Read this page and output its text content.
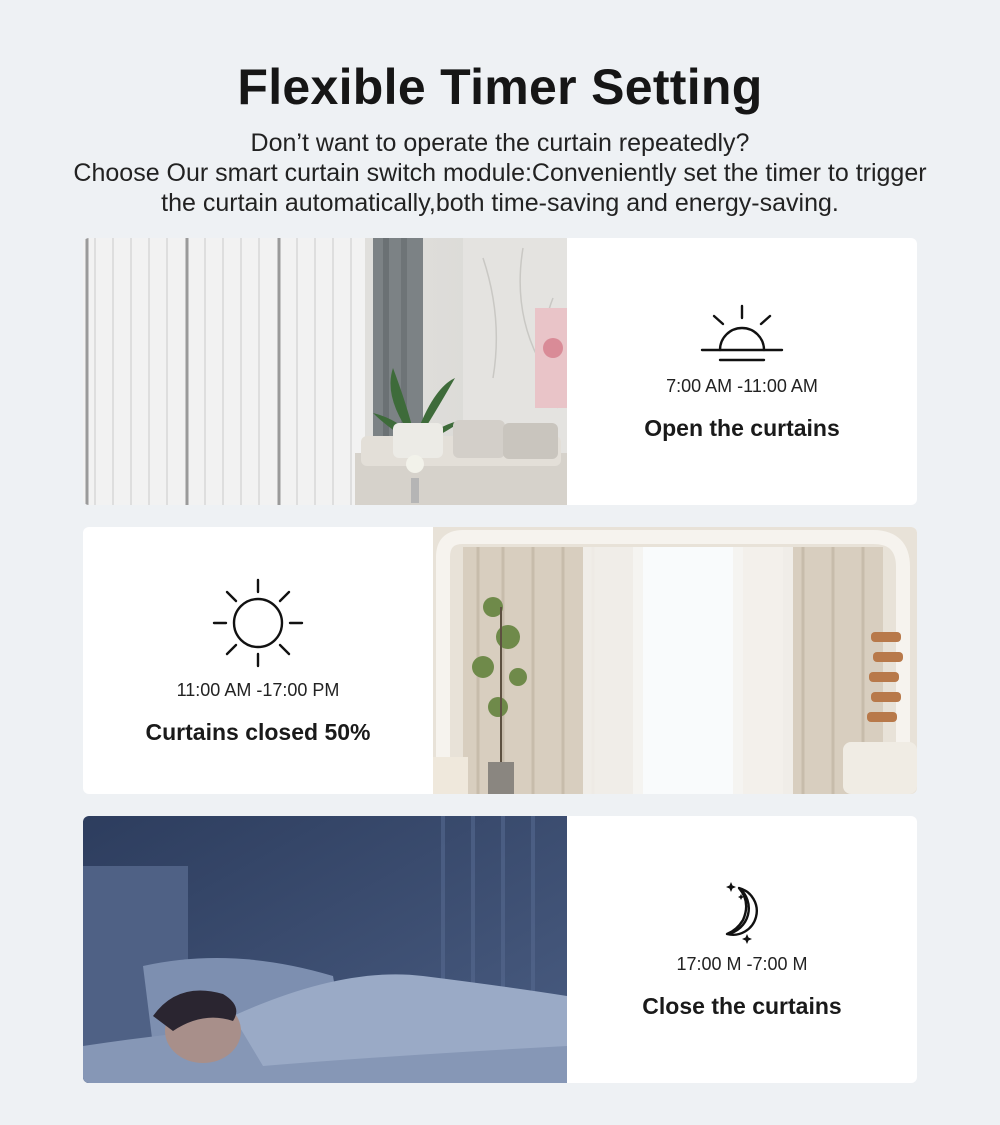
Flexible Timer Setting
Don’t want to operate the curtain repeatedly?
Choose Our smart curtain switch module:Conveniently set the timer to trigger
the curtain automatically,both time-saving and energy-saving.
7:00 AM -11:00 AM
Open the curtains
11:00 AM -17:00 PM
Curtains closed 50%
17:00 M -7:00 M
Close the curtains
